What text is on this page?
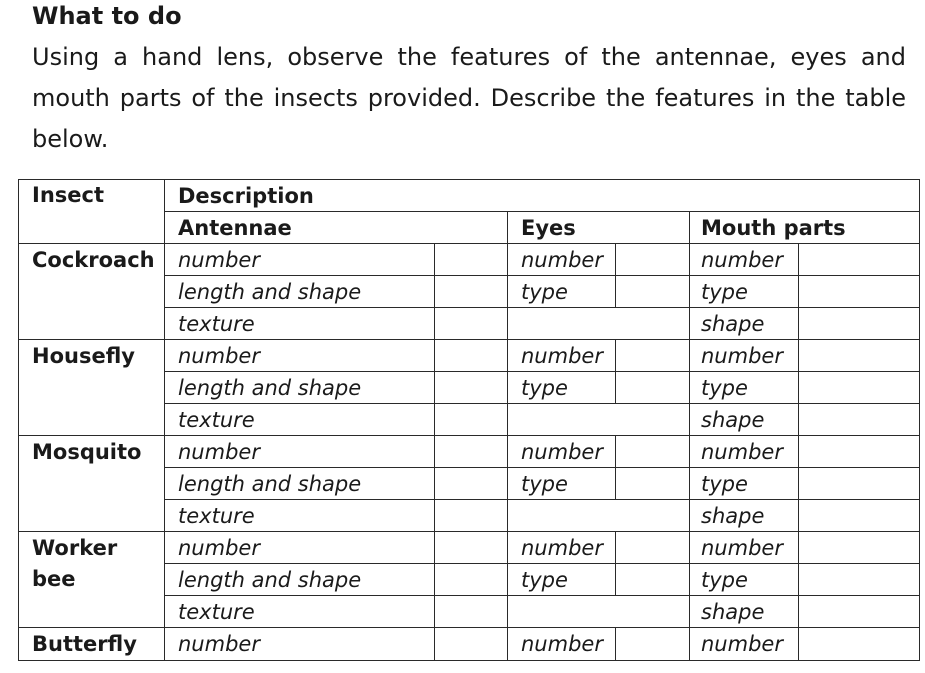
What to do
Using a hand lens, observe the features of the antennae, eyes and mouth parts of the insects provided. Describe the features in the table below.
Insect	Description					
	Antennae		Eyes		Mouth parts	
Cockroach	number		number		number	
	length and shape		type		type	
	texture				shape	
Housefly	number		number		number	
	length and shape		type		type	
	texture				shape	
Mosquito	number		number		number	
	length and shape		type		type	
	texture				shape	
Worker bee	number		number		number	
	length and shape		type		type	
	texture				shape	
Butterfly	number		number		number	
